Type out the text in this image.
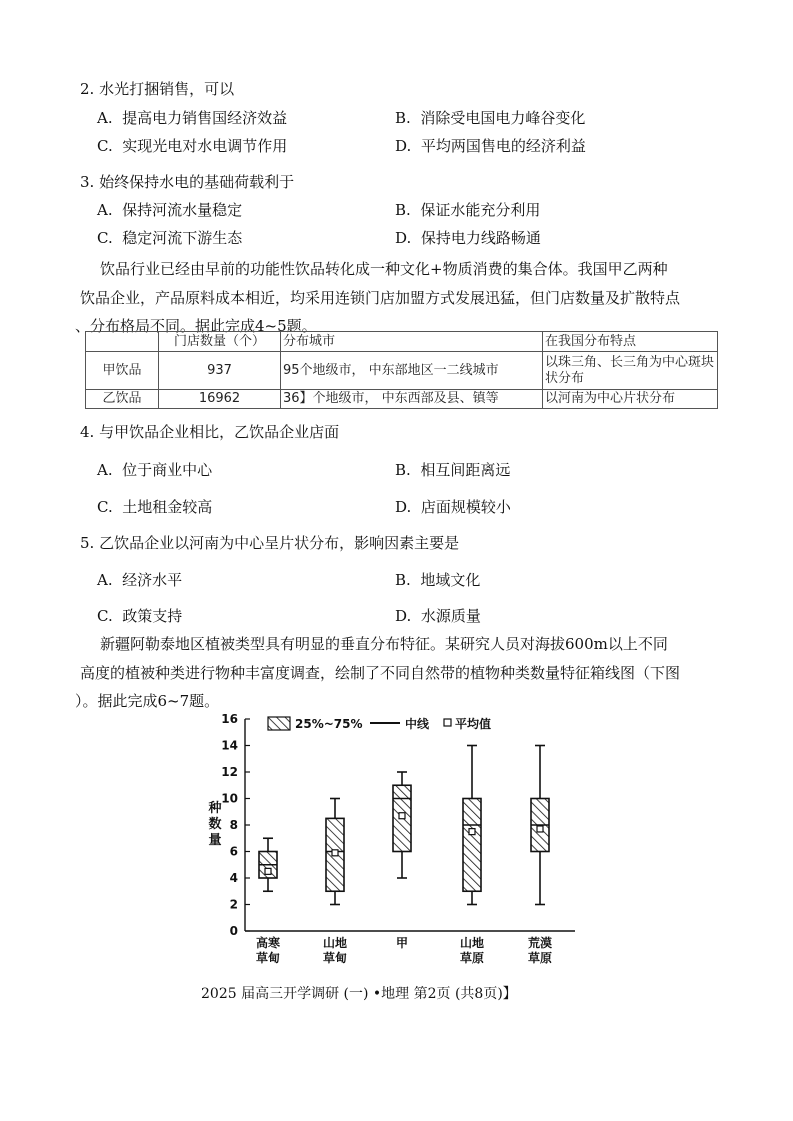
2. 水光打捆销售，可以
A. 提高电力销售国经济效益	B. 消除受电国电力峰谷变化
C. 实现光电对水电调节作用	D. 平均两国售电的经济利益
3. 始终保持水电的基础荷载利于
A. 保持河流水量稳定	B. 保证水能充分利用
C. 稳定河流下游生态	D. 保持电力线路畅通
饮品行业已经由早前的功能性饮品转化成一种文化+物质消费的集合体。我国甲乙两种
饮品企业，产品原料成本相近，均采用连锁门店加盟方式发展迅猛，但门店数量及扩散特点
、分布格局不同。据此完成4~5题。
	门店数量（个）	分布城市	在我国分布特点
甲饮品	937	95个地级市， 中东部地区一二线城市	以珠三角、长三角为中心斑块状分布
乙饮品	16962	36】个地级市， 中东西部及县、镇等	以河南为中心片状分布
4. 与甲饮品企业相比，乙饮品企业店面
A. 位于商业中心	B. 相互间距离远
C. 土地租金较高	D. 店面规模较小
5. 乙饮品企业以河南为中心呈片状分布，影响因素主要是
A. 经济水平	B. 地域文化
C. 政策支持	D. 水源质量
新疆阿勒泰地区植被类型具有明显的垂直分布特征。某研究人员对海拔600m以上不同
高度的植被种类进行物种丰富度调查，绘制了不同自然带的植物种类数量特征箱线图（下图
）。据此完成6~7题。
0
2
4
6
8
10
12
14
16
种
数
量
高寒
草甸
山地
草甸
甲	山地
草原
荒漠
草原
25%~75%	中线 平均值
2025 届高三开学调研 (一) •地理 第2页 (共8页)】
